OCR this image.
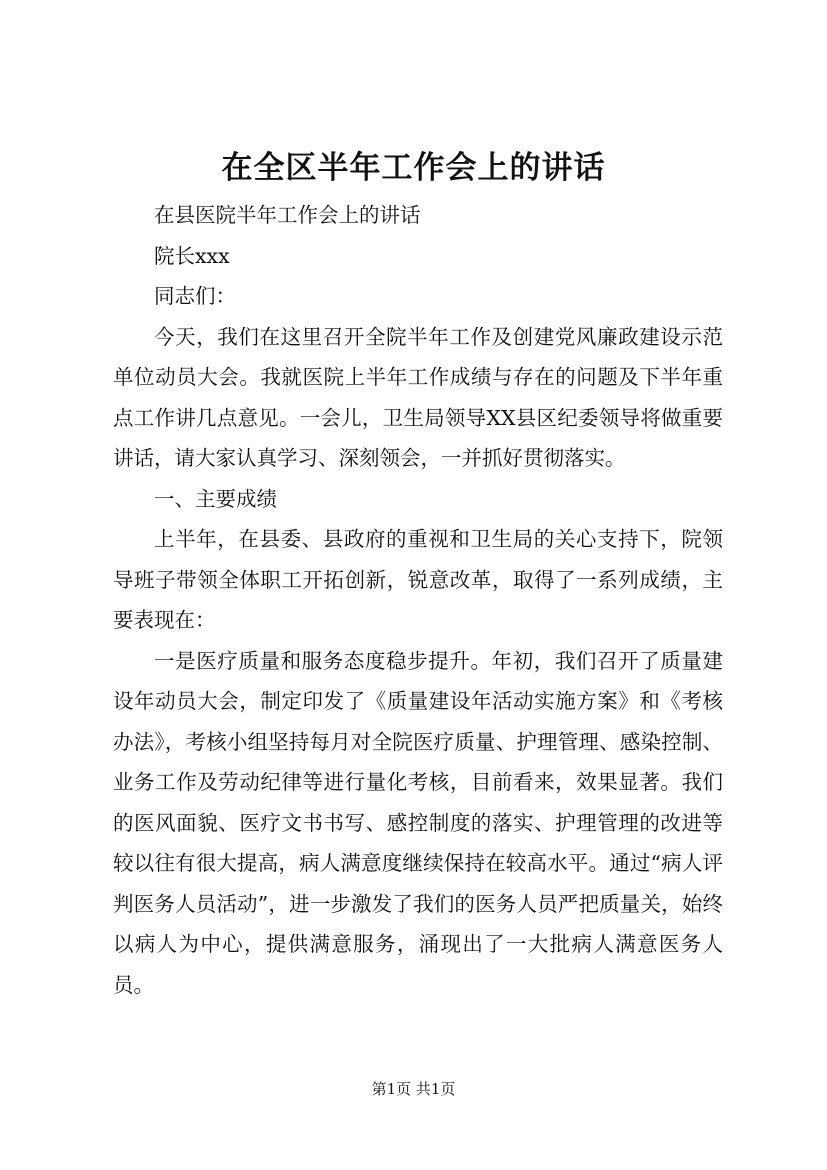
在全区半年工作会上的讲话

在县医院半年工作会上的讲话

院长xxx

同志们：

今天，我们在这里召开全院半年工作及创建党风廉政建设示范单位动员大会。我就医院上半年工作成绩与存在的问题及下半年重点工作讲几点意见。一会儿，卫生局领导XX县区纪委领导将做重要讲话，请大家认真学习、深刻领会，一并抓好贯彻落实。

一、主要成绩

上半年，在县委、县政府的重视和卫生局的关心支持下，院领导班子带领全体职工开拓创新，锐意改革，取得了一系列成绩，主要表现在：

一是医疗质量和服务态度稳步提升。年初，我们召开了质量建设年动员大会，制定印发了《质量建设年活动实施方案》和《考核办法》，考核小组坚持每月对全院医疗质量、护理管理、感染控制、业务工作及劳动纪律等进行量化考核，目前看来，效果显著。我们的医风面貌、医疗文书书写、感控制度的落实、护理管理的改进等较以往有很大提高，病人满意度继续保持在较高水平。通过“病人评判医务人员活动”，进一步激发了我们的医务人员严把质量关，始终以病人为中心，提供满意服务，涌现出了一大批病人满意医务人员。

第1页 共1页
